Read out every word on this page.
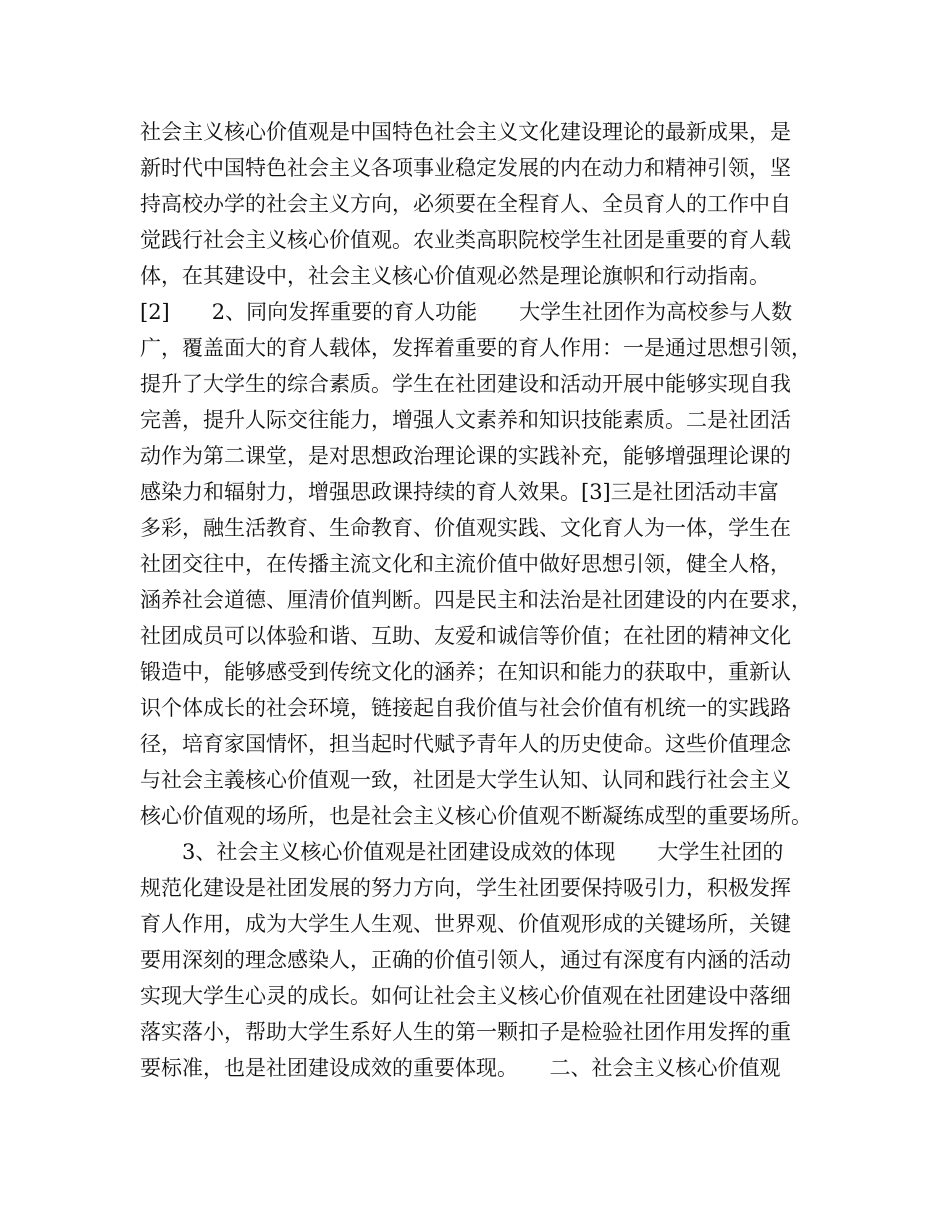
社会主义核心价值观是中国特色社会主义文化建设理论的最新成果，是
新时代中国特色社会主义各项事业稳定发展的内在动力和精神引领，坚
持高校办学的社会主义方向，必须要在全程育人、全员育人的工作中自
觉践行社会主义核心价值观。农业类高职院校学生社团是重要的育人载
体，在其建设中，社会主义核心价值观必然是理论旗帜和行动指南。
[2]　　2、同向发挥重要的育人功能　　大学生社团作为高校参与人数
广，覆盖面大的育人载体，发挥着重要的育人作用：一是通过思想引领，
提升了大学生的综合素质。学生在社团建设和活动开展中能够实现自我
完善，提升人际交往能力，增强人文素养和知识技能素质。二是社团活
动作为第二课堂，是对思想政治理论课的实践补充，能够增强理论课的
感染力和辐射力，增强思政课持续的育人效果。[3]三是社团活动丰富
多彩，融生活教育、生命教育、价值观实践、文化育人为一体，学生在
社团交往中，在传播主流文化和主流价值中做好思想引领，健全人格，
涵养社会道德、厘清价值判断。四是民主和法治是社团建设的内在要求，
社团成员可以体验和谐、互助、友爱和诚信等价值；在社团的精神文化
锻造中，能够感受到传统文化的涵养；在知识和能力的获取中，重新认
识个体成长的社会环境，链接起自我价值与社会价值有机统一的实践路
径，培育家国情怀，担当起时代赋予青年人的历史使命。这些价值理念
与社会主義核心价值观一致，社团是大学生认知、认同和践行社会主义
核心价值观的场所，也是社会主义核心价值观不断凝练成型的重要场所。
　　3、社会主义核心价值观是社团建设成效的体现　　大学生社团的
规范化建设是社团发展的努力方向，学生社团要保持吸引力，积极发挥
育人作用，成为大学生人生观、世界观、价值观形成的关键场所，关键
要用深刻的理念感染人，正确的价值引领人，通过有深度有内涵的活动
实现大学生心灵的成长。如何让社会主义核心价值观在社团建设中落细
落实落小，帮助大学生系好人生的第一颗扣子是检验社团作用发挥的重
要标准，也是社团建设成效的重要体现。　　二、社会主义核心价值观
